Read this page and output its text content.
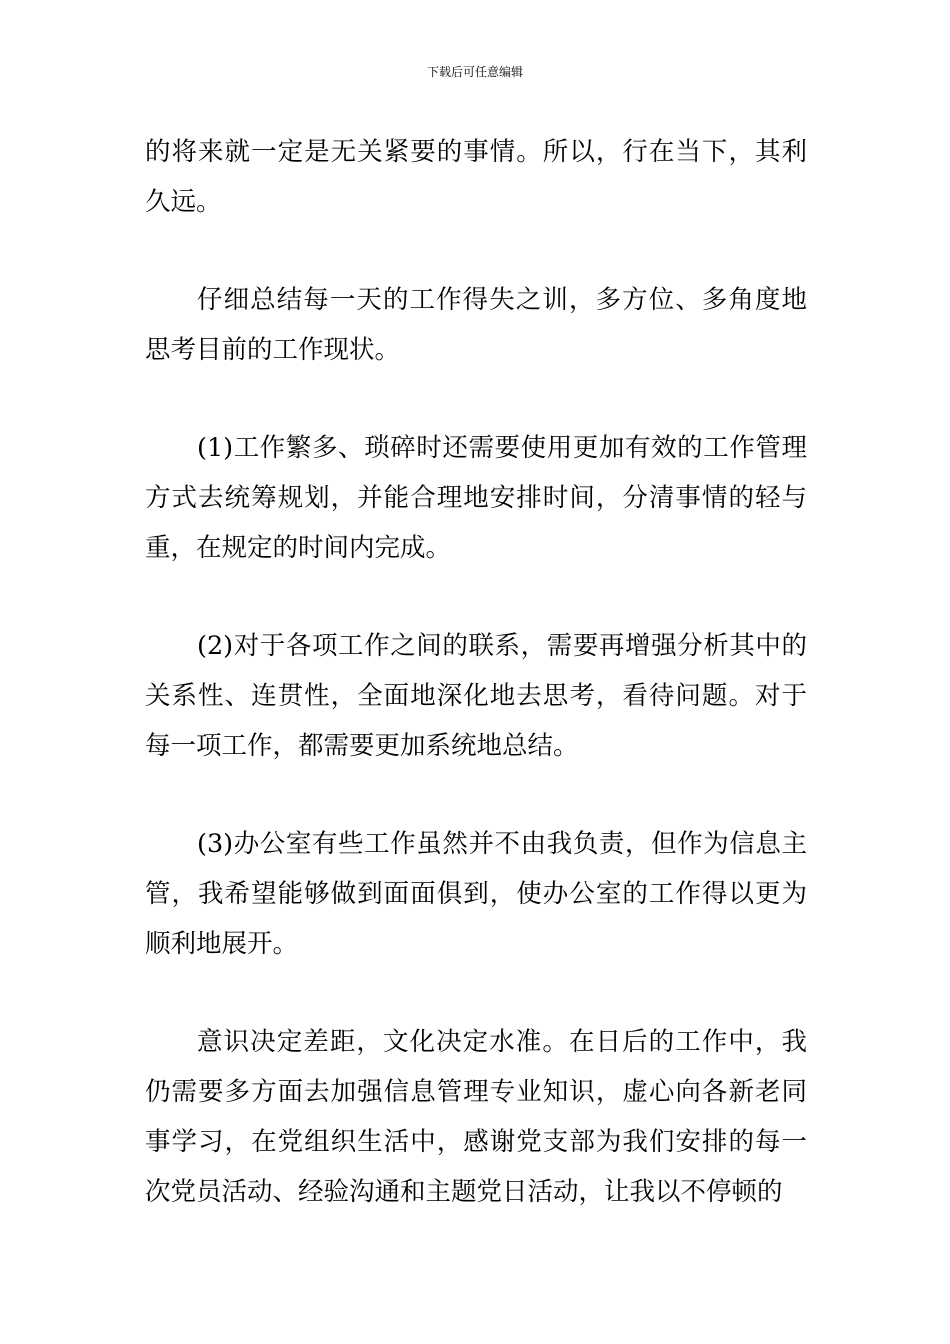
下载后可任意编辑

的将来就一定是无关紧要的事情。所以，行在当下，其利久远。

仔细总结每一天的工作得失之训，多方位、多角度地思考目前的工作现状。

(1)工作繁多、琐碎时还需要使用更加有效的工作管理方式去统筹规划，并能合理地安排时间，分清事情的轻与重，在规定的时间内完成。

(2)对于各项工作之间的联系，需要再增强分析其中的关系性、连贯性，全面地深化地去思考，看待问题。对于每一项工作，都需要更加系统地总结。

(3)办公室有些工作虽然并不由我负责，但作为信息主管，我希望能够做到面面俱到，使办公室的工作得以更为顺利地展开。

意识决定差距，文化决定水准。在日后的工作中，我仍需要多方面去加强信息管理专业知识，虚心向各新老同事学习，在党组织生活中，感谢党支部为我们安排的每一次党员活动、经验沟通和主题党日活动，让我以不停顿的
